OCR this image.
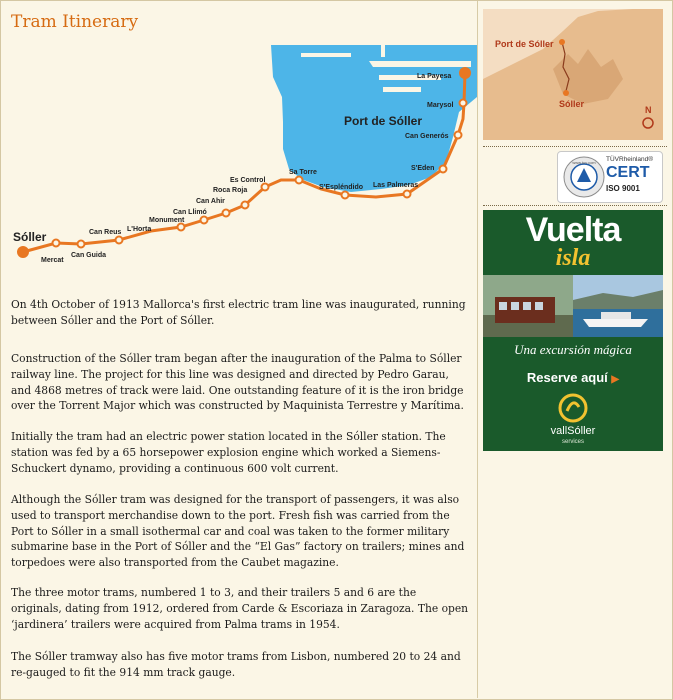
Tram Itinerary
Sóller
Mercat
Can Guida
Can Reus L'Horta
Monument
Can Llimó
Can Ahir
Roca Roja
Es Control
Sa Torre
S'Espléndido Las Palmeras
S'Eden
Can Generós
Marysol
La Payesa
Port de Sóller

On 4th October of 1913 Mallorca's first electric tram line was inaugurated, running between Sóller and the Port of Sóller.

Construction of the Sóller tram began after the inauguration of the Palma to Sóller railway line. The project for this line was designed and directed by Pedro Garau, and 4868 metres of track were laid. One outstanding feature of it is the iron bridge over the Torrent Major which was constructed by Maquinista Terrestre y Marítima.

Initially the tram had an electric power station located in the Sóller station. The station was fed by a 65 horsepower explosion engine which worked a Siemens-Schuckert dynamo, providing a continuous 600 volt current.

Although the Sóller tram was designed for the transport of passengers, it was also used to transport merchandise down to the port. Fresh fish was carried from the Port to Sóller in a small isothermal car and coal was taken to the former military submarine base in the Port of Sóller and the “El Gas” factory on trailers; mines and torpedoes were also transported from the Caubet magazine.

The three motor trams, numbered 1 to 3, and their trailers 5 and 6 are the originals, dating from 1912, ordered from Carde & Escoriaza in Zaragoza. The open ‘jardinera’ trailers were acquired from Palma trams in 1954.

The Sóller tramway also has five motor trams from Lisbon, numbered 20 to 24 and re-gauged to fit the 914 mm track gauge.

Port de Sóller
Sóller
N
www.tuv.com TÜVRheinland®
CERT
ISO 9001
Vuelta
isla
Una excursión mágica
Reserve aquí ▶
vallSóller
services
